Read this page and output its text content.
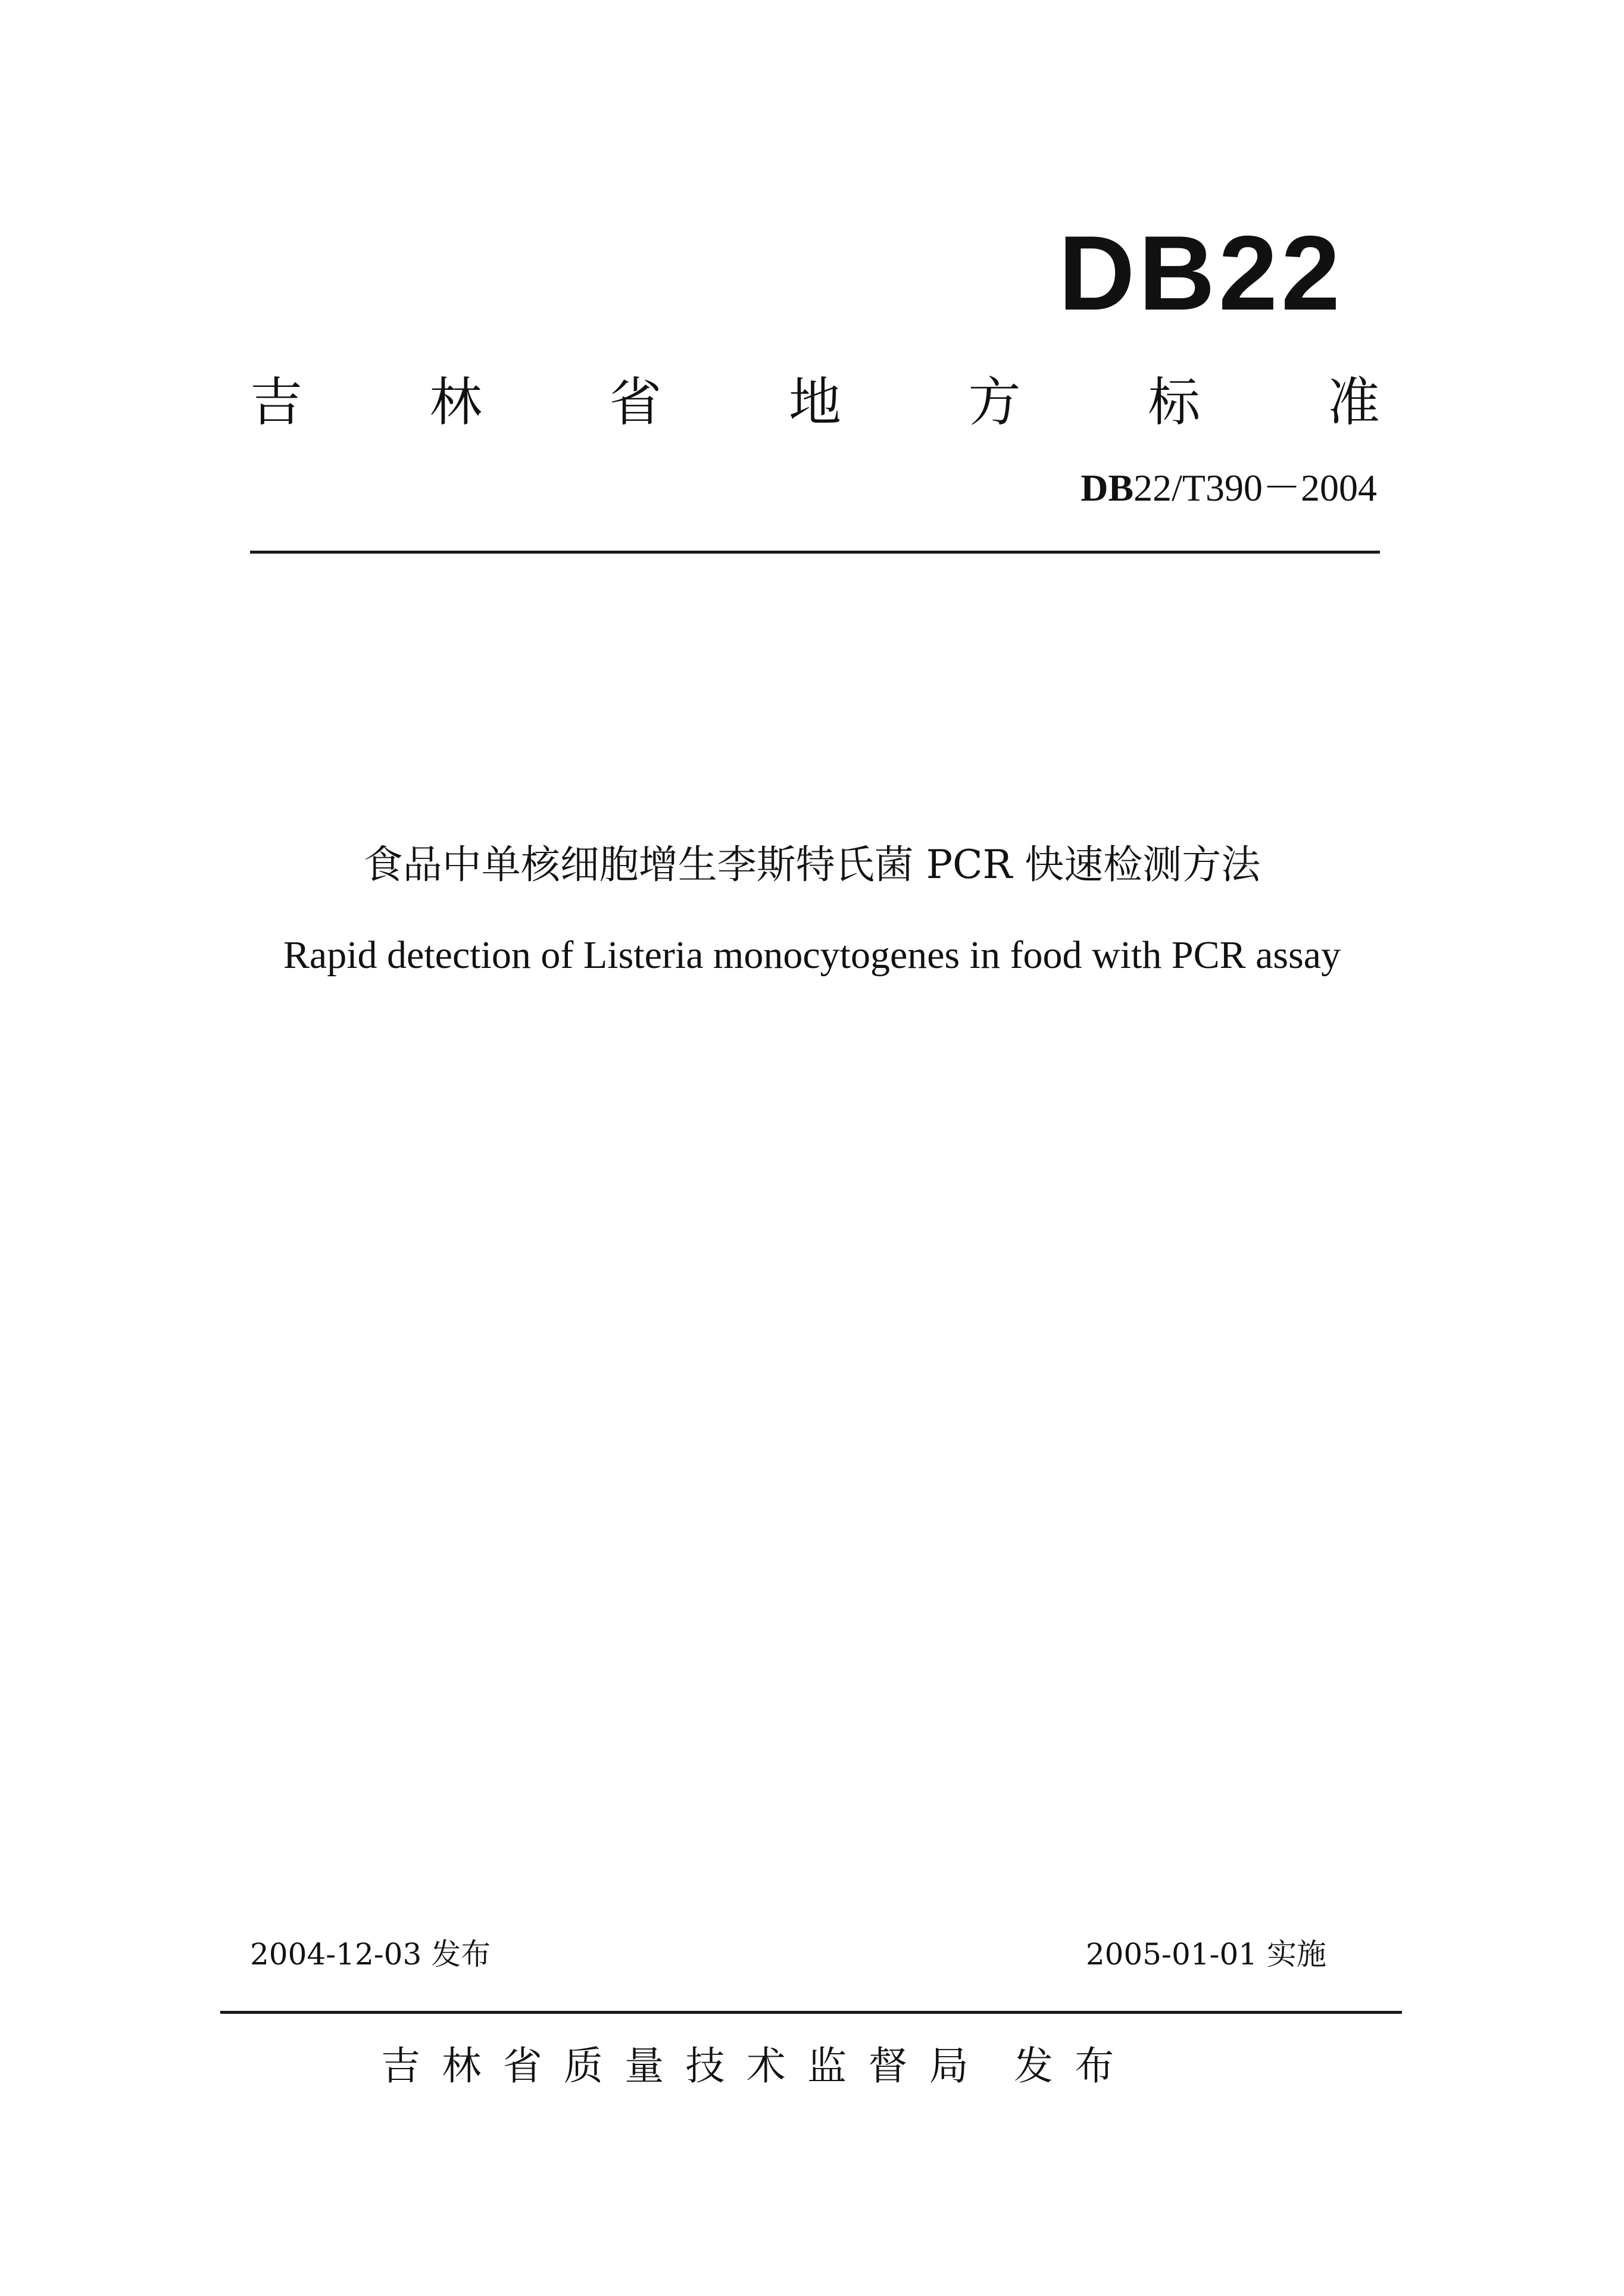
DB22
吉 林 省 地 方 标 准
DB22/T390－2004
食品中单核细胞增生李斯特氏菌 PCR 快速检测方法
Rapid detection of Listeria monocytogenes in food with PCR assay
2004-12-03 发布	2005-01-01 实施
吉林省质量技术监督局 发布
